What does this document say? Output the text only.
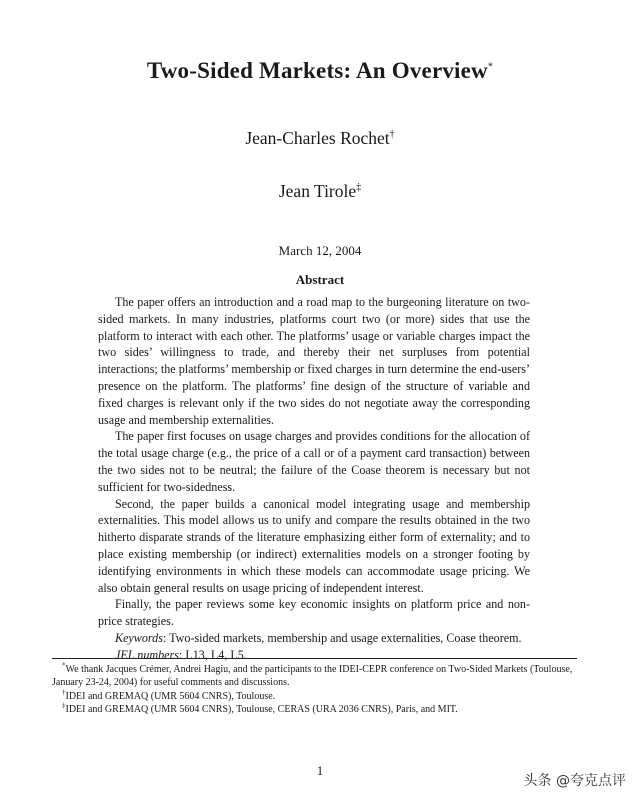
Two-Sided Markets: An Overview*
Jean-Charles Rochet†
Jean Tirole‡
March 12, 2004
Abstract

The paper offers an introduction and a road map to the burgeoning literature on two-sided markets. In many industries, platforms court two (or more) sides that use the platform to interact with each other. The platforms’ usage or variable charges impact the two sides’ willingness to trade, and thereby their net surpluses from potential interactions; the platforms’ membership or fixed charges in turn determine the end-users’ presence on the platform. The platforms’ fine design of the structure of variable and fixed charges is relevant only if the two sides do not negotiate away the corresponding usage and membership externalities.

The paper first focuses on usage charges and provides conditions for the allocation of the total usage charge (e.g., the price of a call or of a payment card transaction) between the two sides not to be neutral; the failure of the Coase theorem is necessary but not sufficient for two-sidedness.

Second, the paper builds a canonical model integrating usage and membership externalities. This model allows us to unify and compare the results obtained in the two hitherto disparate strands of the literature emphasizing either form of externality; and to place existing membership (or indirect) externalities models on a stronger footing by identifying environments in which these models can accommodate usage pricing. We also obtain general results on usage pricing of independent interest.

Finally, the paper reviews some key economic insights on platform price and non-price strategies.

Keywords: Two-sided markets, membership and usage externalities, Coase theorem.

JEL numbers: L13, L4, L5.

*We thank Jacques Crémer, Andrei Hagiu, and the participants to the IDEI-CEPR conference on Two-Sided Markets (Toulouse, January 23-24, 2004) for useful comments and discussions.

†IDEI and GREMAQ (UMR 5604 CNRS), Toulouse.

‡IDEI and GREMAQ (UMR 5604 CNRS), Toulouse, CERAS (URA 2036 CNRS), Paris, and MIT.

1
头条 @夸克点评
